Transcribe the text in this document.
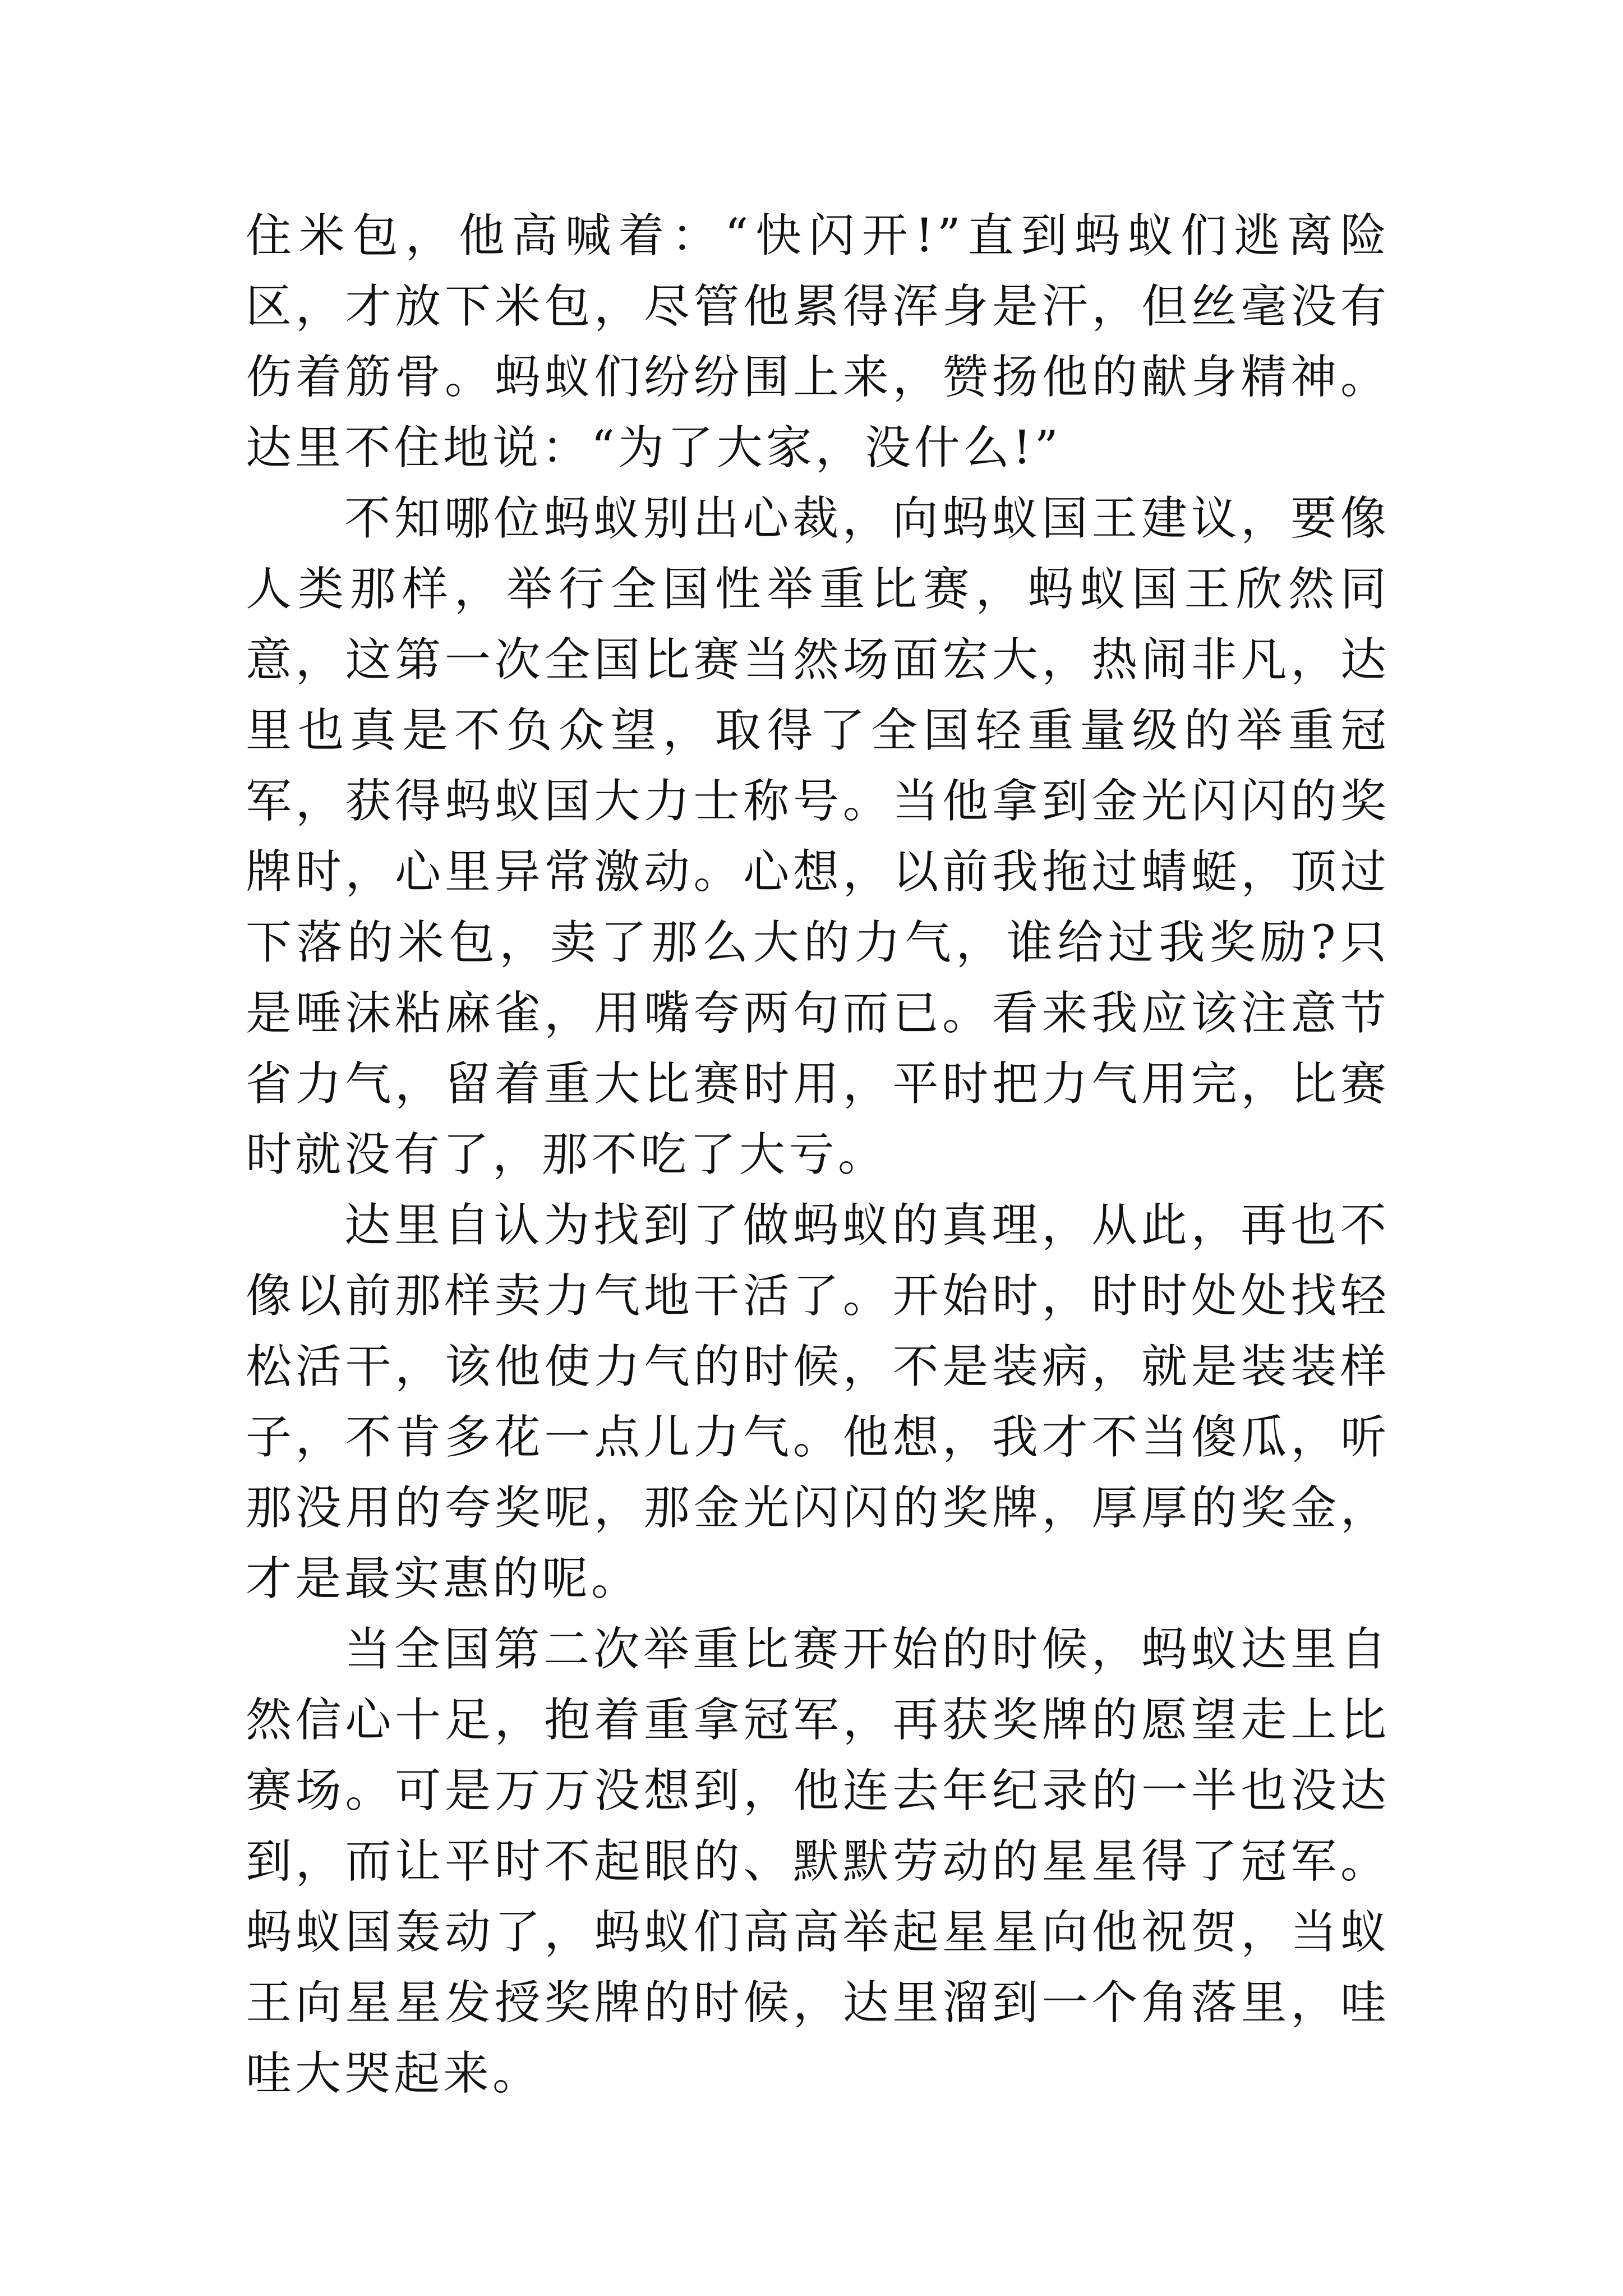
住米包，他高喊着：“快闪开!”直到蚂蚁们逃离险区，才放下米包，尽管他累得浑身是汗，但丝毫没有伤着筋骨。蚂蚁们纷纷围上来，赞扬他的献身精神。达里不住地说：“为了大家，没什么!”

不知哪位蚂蚁别出心裁，向蚂蚁国王建议，要像人类那样，举行全国性举重比赛，蚂蚁国王欣然同意，这第一次全国比赛当然场面宏大，热闹非凡，达里也真是不负众望，取得了全国轻重量级的举重冠军，获得蚂蚁国大力士称号。当他拿到金光闪闪的奖牌时，心里异常激动。心想，以前我拖过蜻蜓，顶过下落的米包，卖了那么大的力气，谁给过我奖励?只是唾沫粘麻雀，用嘴夸两句而已。看来我应该注意节省力气，留着重大比赛时用，平时把力气用完，比赛时就没有了，那不吃了大亏。

达里自认为找到了做蚂蚁的真理，从此，再也不像以前那样卖力气地干活了。开始时，时时处处找轻松活干，该他使力气的时候，不是装病，就是装装样子，不肯多花一点儿力气。他想，我才不当傻瓜，听那没用的夸奖呢，那金光闪闪的奖牌，厚厚的奖金，才是最实惠的呢。

当全国第二次举重比赛开始的时候，蚂蚁达里自然信心十足，抱着重拿冠军，再获奖牌的愿望走上比赛场。可是万万没想到，他连去年纪录的一半也没达到，而让平时不起眼的、默默劳动的星星得了冠军。蚂蚁国轰动了，蚂蚁们高高举起星星向他祝贺，当蚁王向星星发授奖牌的时候，达里溜到一个角落里，哇哇大哭起来。
